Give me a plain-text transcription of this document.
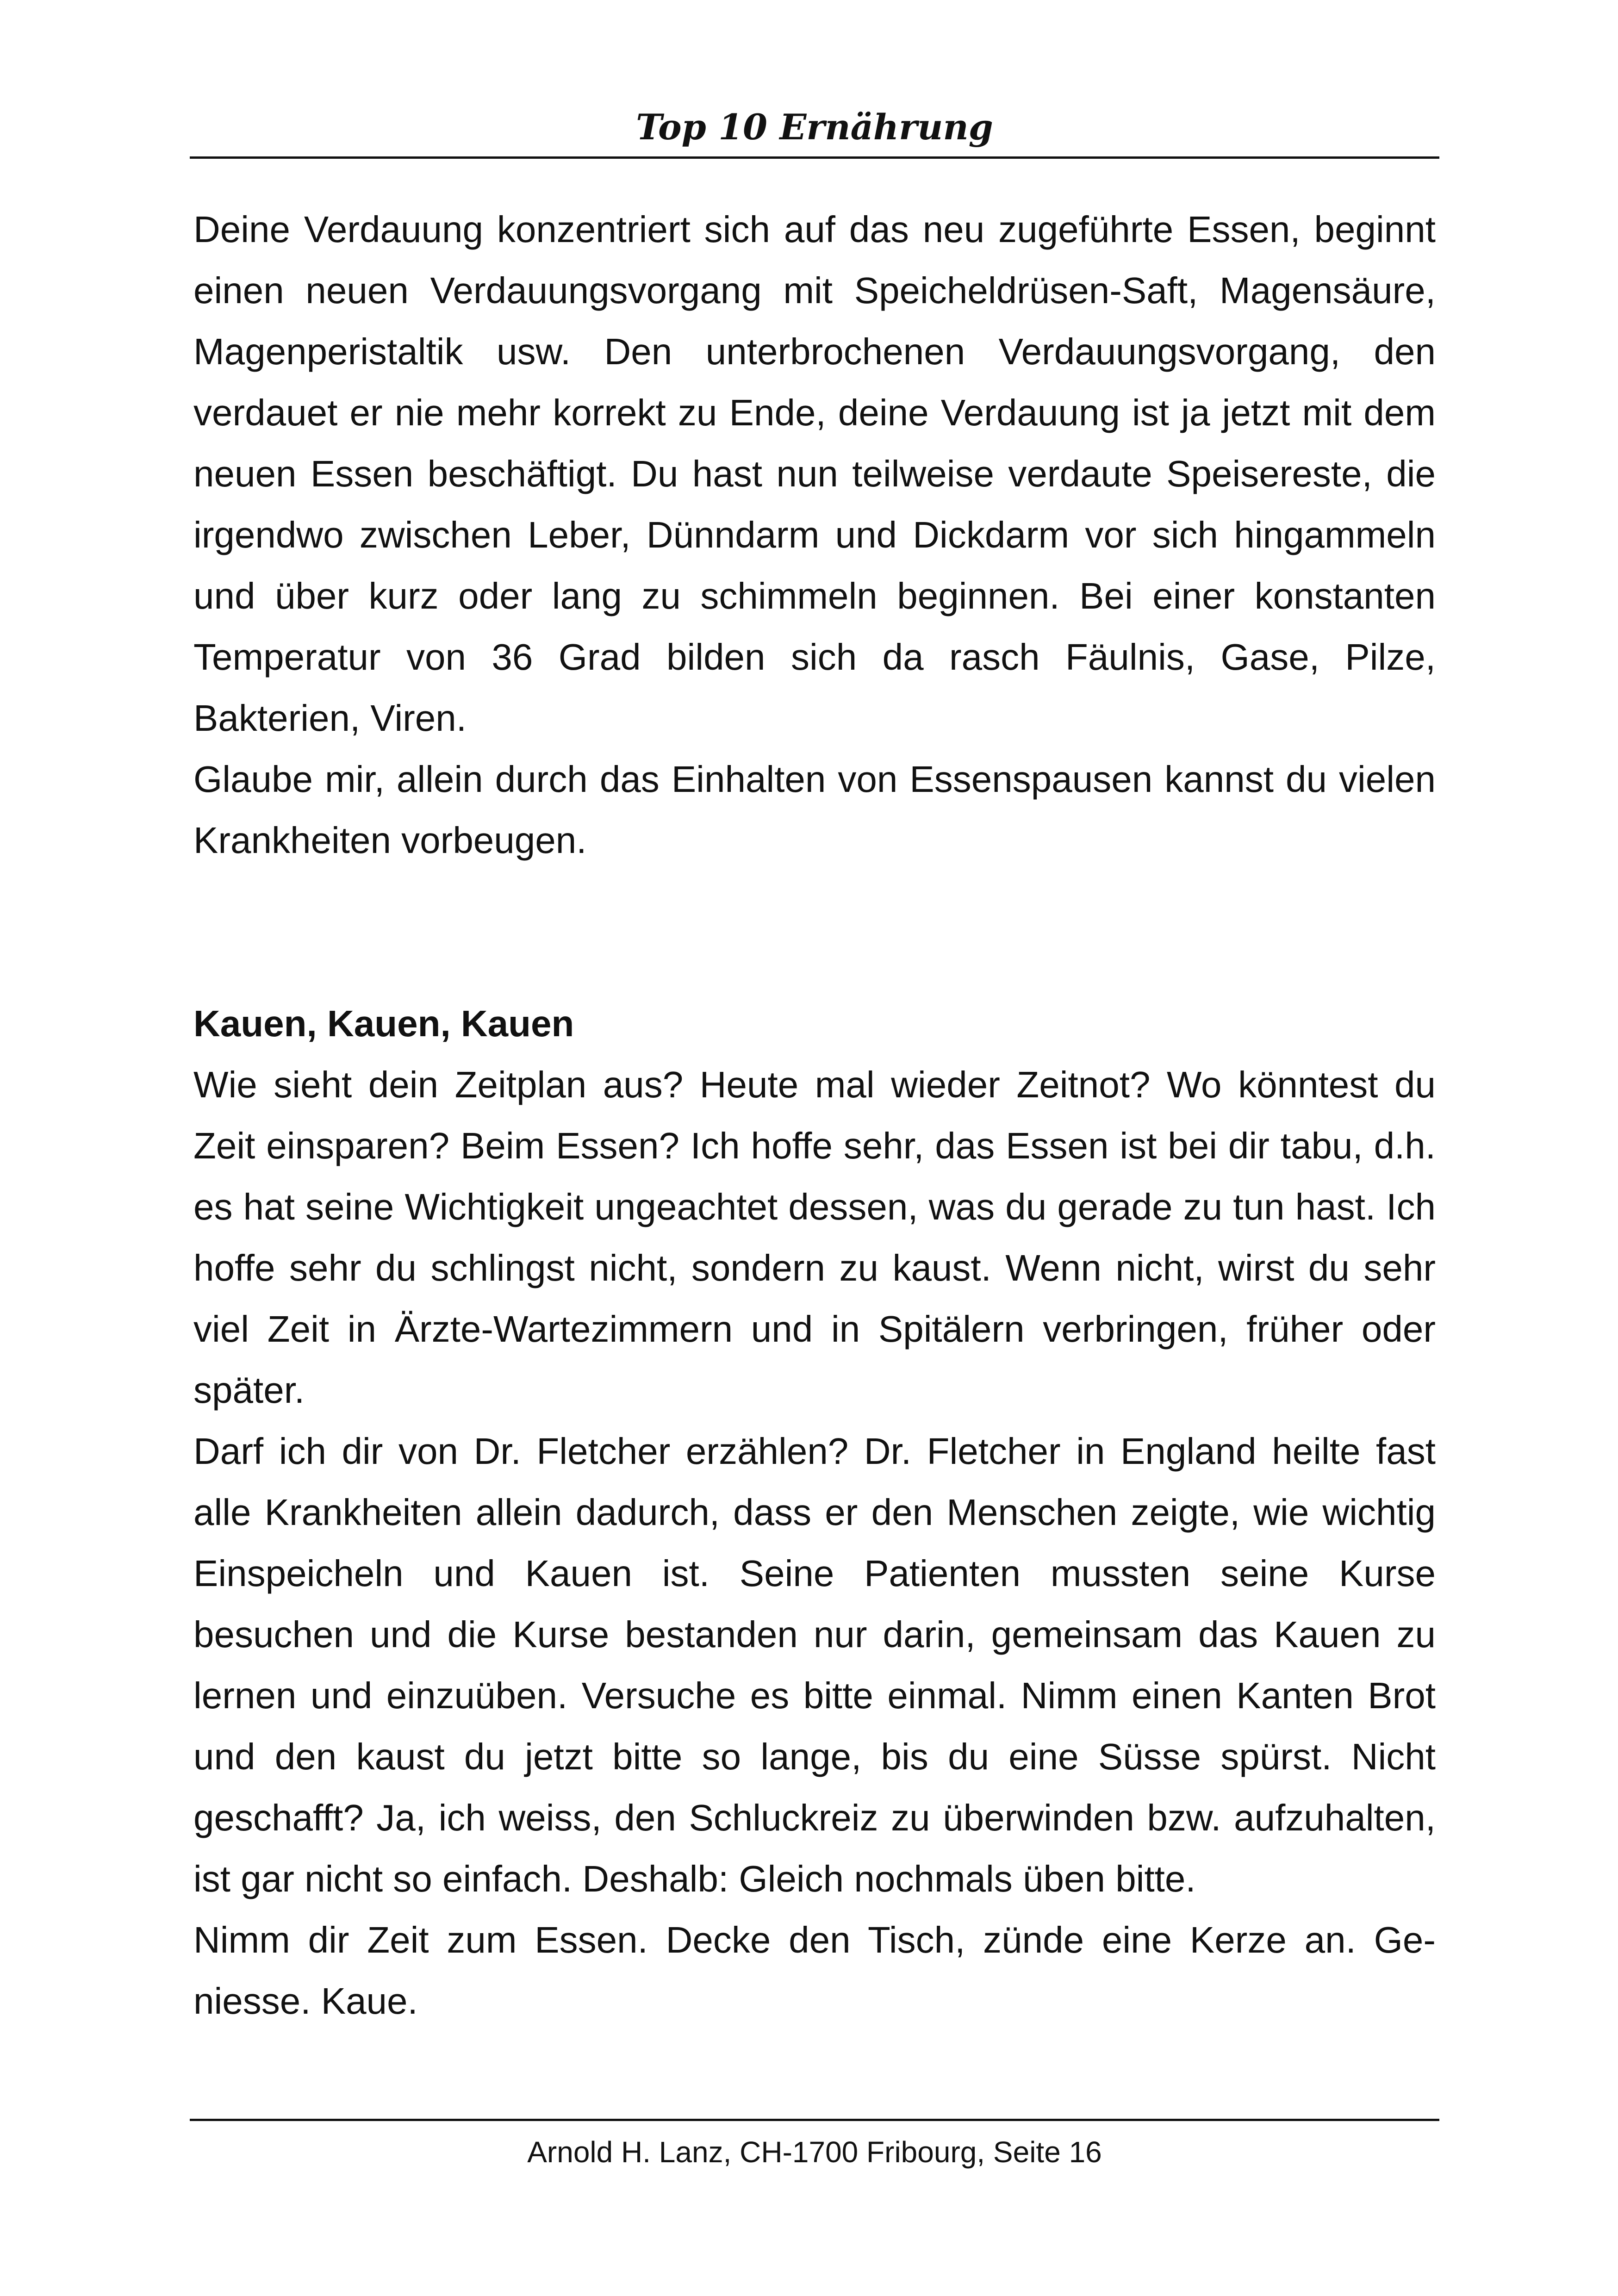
Top 10 Ernährung

Deine Verdauung konzentriert sich auf das neu zugeführte Essen, beginnt einen neuen Verdauungsvorgang mit Speicheldrüsen-Saft, Magensäure, Magenperistaltik usw. Den unterbrochenen Verdauungsvorgang, den verdauet er nie mehr korrekt zu Ende, deine Verdauung ist ja jetzt mit dem neuen Essen beschäftigt. Du hast nun teilweise verdaute Speisereste, die irgendwo zwischen Leber, Dünndarm und Dickdarm vor sich hingammeln und über kurz oder lang zu schimmeln beginnen. Bei einer konstanten Temperatur von 36 Grad bilden sich da rasch Fäulnis, Gase, Pilze, Bakterien, Viren.

Glaube mir, allein durch das Einhalten von Essenspausen kannst du vielen Krankheiten vorbeugen.

Kauen, Kauen, Kauen

Wie sieht dein Zeitplan aus? Heute mal wieder Zeitnot? Wo könntest du Zeit einsparen? Beim Essen? Ich hoffe sehr, das Essen ist bei dir tabu, d.h. es hat seine Wichtigkeit ungeachtet dessen, was du gerade zu tun hast. Ich hoffe sehr du schlingst nicht, sondern zu kaust. Wenn nicht, wirst du sehr viel Zeit in Ärzte-Wartezimmern und in Spitälern verbringen, früher oder später.

Darf ich dir von Dr. Fletcher erzählen? Dr. Fletcher in England heilte fast alle Krankheiten allein dadurch, dass er den Menschen zeigte, wie wichtig Einspeicheln und Kauen ist. Seine Patienten mussten seine Kurse besuchen und die Kurse bestanden nur darin, gemeinsam das Kauen zu lernen und einzuüben. Versuche es bitte einmal. Nimm einen Kanten Brot und den kaust du jetzt bitte so lange, bis du eine Süsse spürst. Nicht geschafft? Ja, ich weiss, den Schluckreiz zu überwinden bzw. aufzuhalten, ist gar nicht so einfach. Deshalb: Gleich nochmals üben bitte.

Nimm dir Zeit zum Essen. Decke den Tisch, zünde eine Kerze an. Geniesse. Kaue.

Arnold H. Lanz, CH-1700 Fribourg, Seite 16
